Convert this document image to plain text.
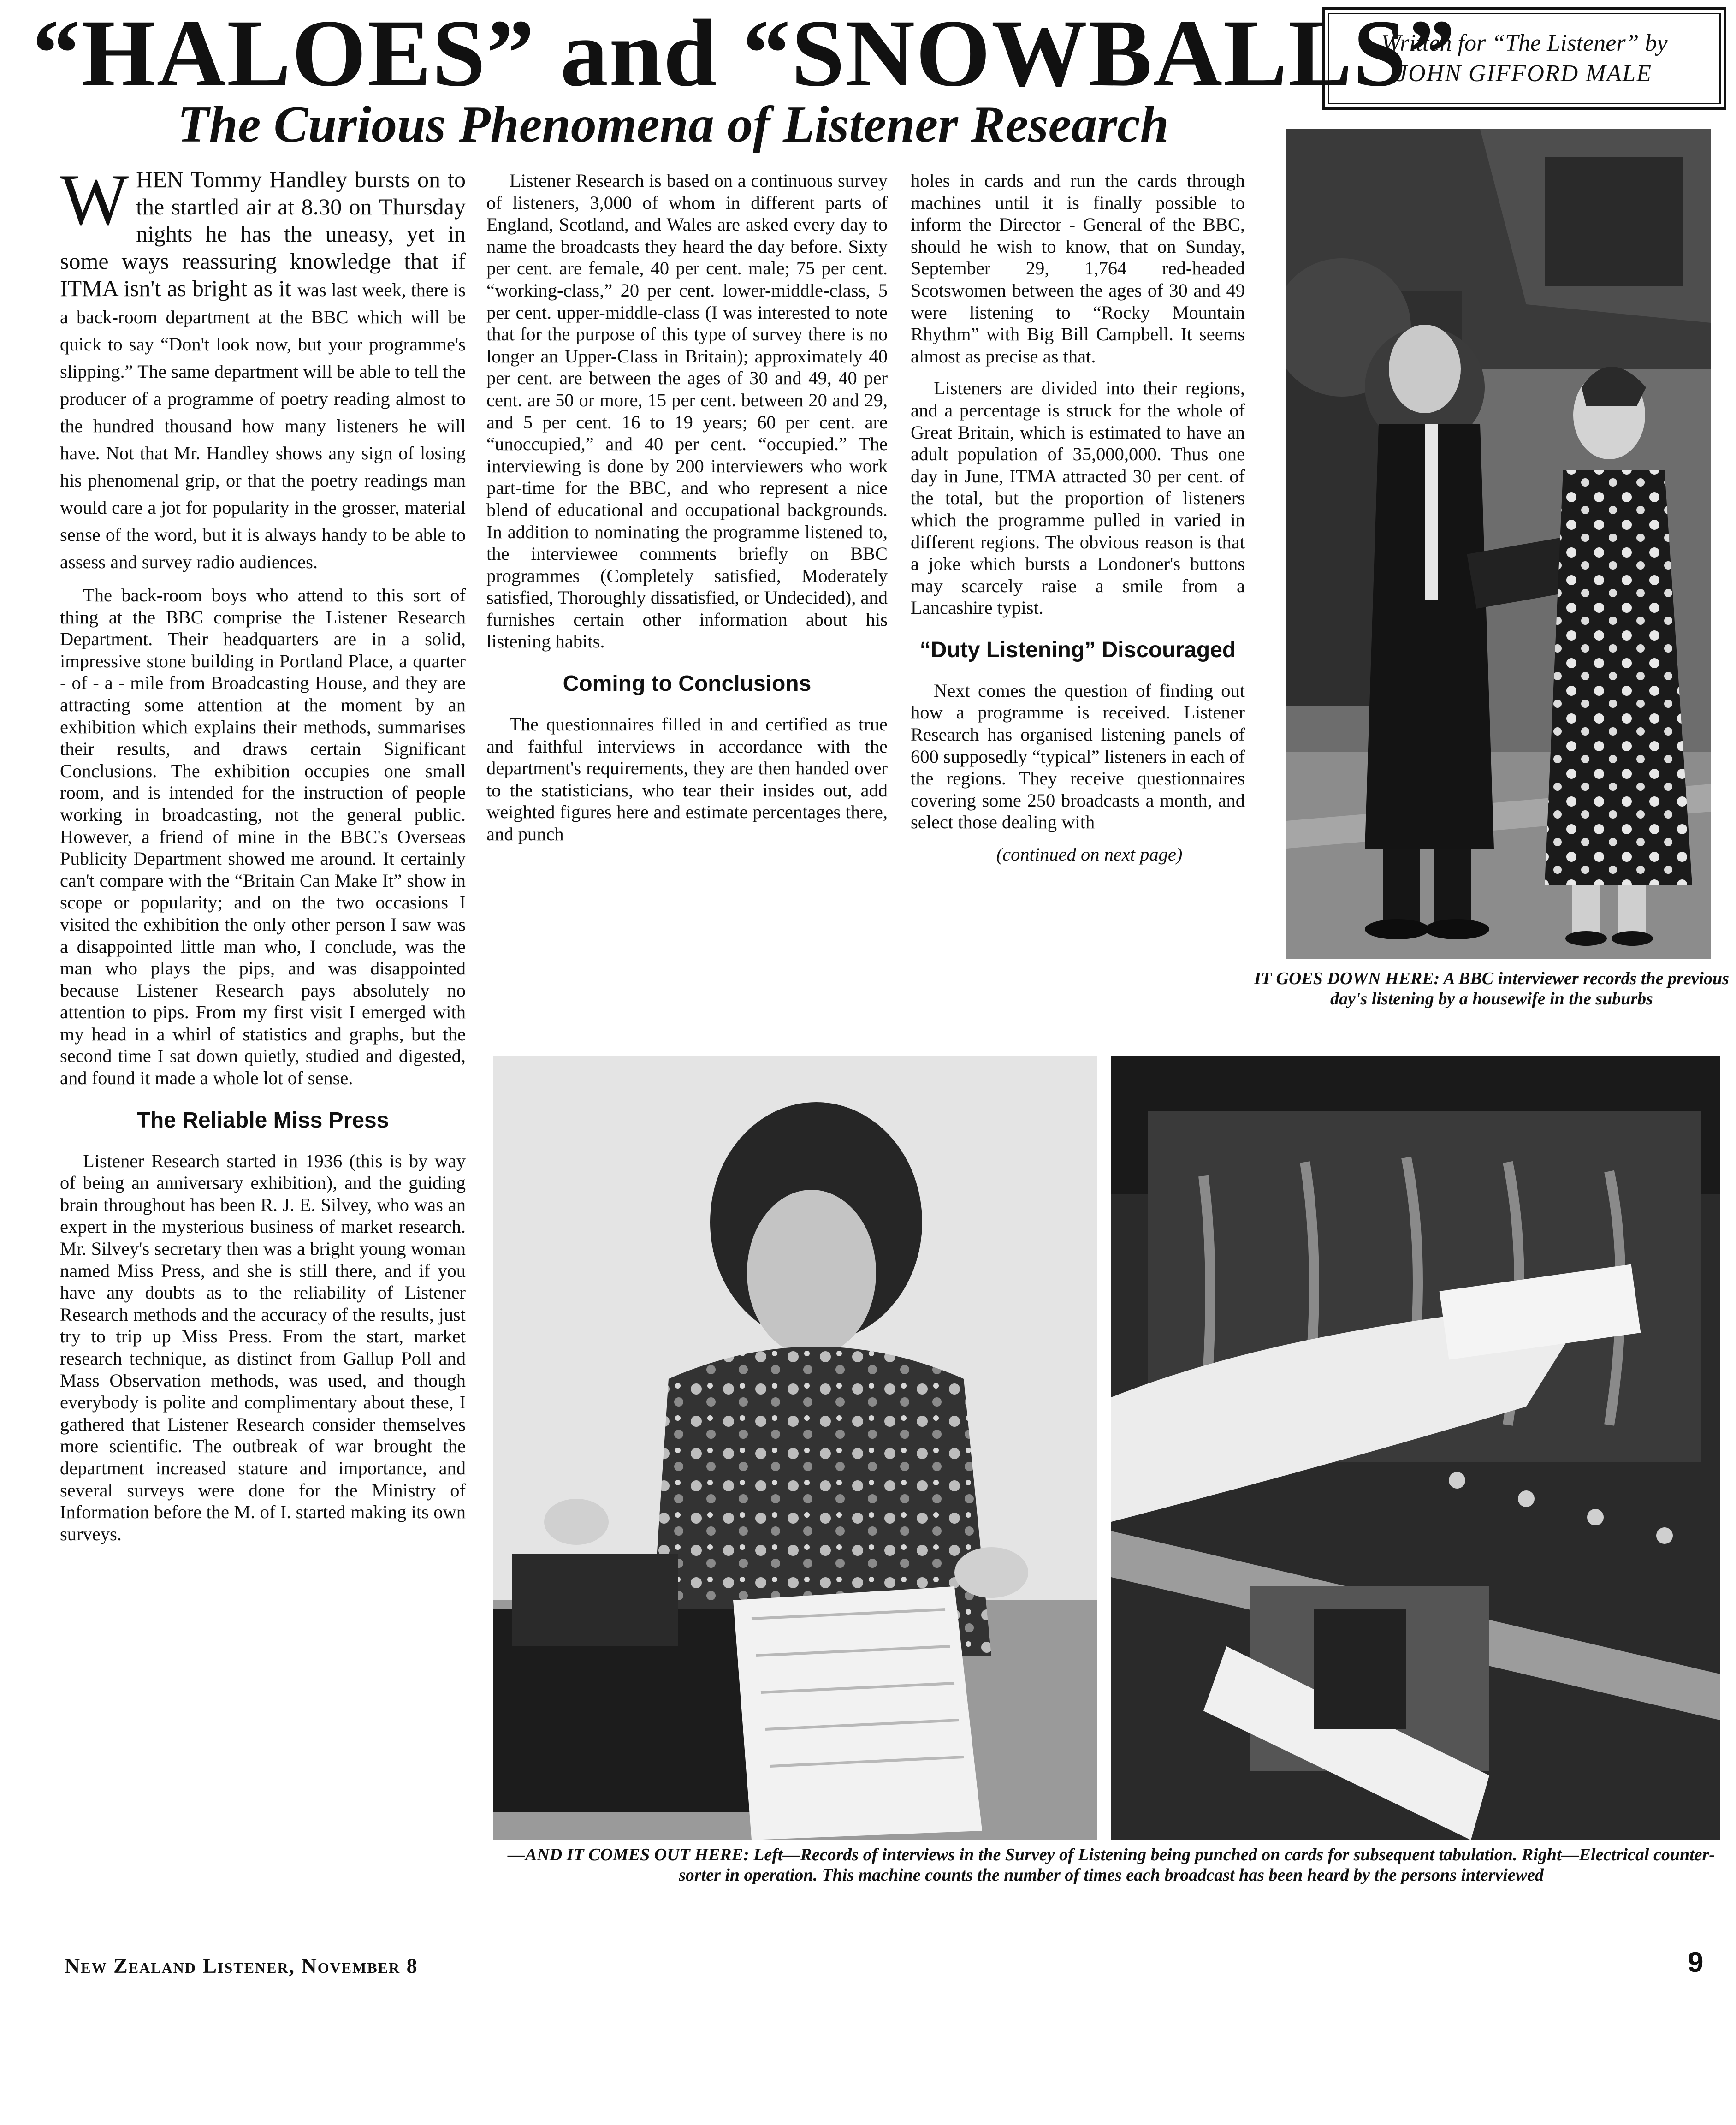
“HALOES” and “SNOWBALLS”
The Curious Phenomena of Listener Research
Written for “The Listener” by
JOHN GIFFORD MALE

WHEN Tommy Handley bursts on to the startled air at 8.30 on Thursday nights he has the uneasy, yet in some ways reassuring knowledge that if ITMA isn't as bright as it was last week, there is a back-room department at the BBC which will be quick to say “Don't look now, but your programme's slipping.” The same department will be able to tell the producer of a programme of poetry reading almost to the hundred thousand how many listeners he will have. Not that Mr. Handley shows any sign of losing his phenomenal grip, or that the poetry readings man would care a jot for popularity in the grosser, material sense of the word, but it is always handy to be able to assess and survey radio audiences.

The back-room boys who attend to this sort of thing at the BBC comprise the Listener Research Department. Their headquarters are in a solid, impressive stone building in Portland Place, a quarter - of - a - mile from Broadcasting House, and they are attracting some attention at the moment by an exhibition which explains their methods, summarises their results, and draws certain Significant Conclusions. The exhibition occupies one small room, and is intended for the instruction of people working in broadcasting, not the general public. However, a friend of mine in the BBC's Overseas Publicity Department showed me around. It certainly can't compare with the “Britain Can Make It” show in scope or popularity; and on the two occasions I visited the exhibition the only other person I saw was a disappointed little man who, I conclude, was the man who plays the pips, and was disappointed because Listener Research pays absolutely no attention to pips. From my first visit I emerged with my head in a whirl of statistics and graphs, but the second time I sat down quietly, studied and digested, and found it made a whole lot of sense.

The Reliable Miss Press

Listener Research started in 1936 (this is by way of being an anniversary exhibition), and the guiding brain throughout has been R. J. E. Silvey, who was an expert in the mysterious business of market research. Mr. Silvey's secretary then was a bright young woman named Miss Press, and she is still there, and if you have any doubts as to the reliability of Listener Research methods and the accuracy of the results, just try to trip up Miss Press. From the start, market research technique, as distinct from Gallup Poll and Mass Observation methods, was used, and though everybody is polite and complimentary about these, I gathered that Listener Research consider themselves more scientific. The outbreak of war brought the department increased stature and importance, and several surveys were done for the Ministry of Information before the M. of I. started making its own surveys.

Listener Research is based on a continuous survey of listeners, 3,000 of whom in different parts of England, Scotland, and Wales are asked every day to name the broadcasts they heard the day before. Sixty per cent. are female, 40 per cent. male; 75 per cent. “working-class,” 20 per cent. lower-middle-class, 5 per cent. upper-middle-class (I was interested to note that for the purpose of this type of survey there is no longer an Upper-Class in Britain); approximately 40 per cent. are between the ages of 30 and 49, 40 per cent. are 50 or more, 15 per cent. between 20 and 29, and 5 per cent. 16 to 19 years; 60 per cent. are “unoccupied,” and 40 per cent. “occupied.” The interviewing is done by 200 interviewers who work part-time for the BBC, and who represent a nice blend of educational and occupational backgrounds. In addition to nominating the programme listened to, the interviewee comments briefly on BBC programmes (Completely satisfied, Moderately satisfied, Thoroughly dissatisfied, or Undecided), and furnishes certain other information about his listening habits.

Coming to Conclusions

The questionnaires filled in and certified as true and faithful interviews in accordance with the department's requirements, they are then handed over to the statisticians, who tear their insides out, add weighted figures here and estimate percentages there, and punch

holes in cards and run the cards through machines until it is finally possible to inform the Director - General of the BBC, should he wish to know, that on Sunday, September 29, 1,764 red-headed Scotswomen between the ages of 30 and 49 were listening to “Rocky Mountain Rhythm” with Big Bill Campbell. It seems almost as precise as that.

Listeners are divided into their regions, and a percentage is struck for the whole of Great Britain, which is estimated to have an adult population of 35,000,000. Thus one day in June, ITMA attracted 30 per cent. of the total, but the proportion of listeners which the programme pulled in varied in different regions. The obvious reason is that a joke which bursts a Londoner's buttons may scarcely raise a smile from a Lancashire typist.

“Duty Listening” Discouraged

Next comes the question of finding out how a programme is received. Listener Research has organised listening panels of 600 supposedly “typical” listeners in each of the regions. They receive questionnaires covering some 250 broadcasts a month, and select those dealing with

(continued on next page)

IT GOES DOWN HERE: A BBC interviewer records the previous day's listening by a housewife in the suburbs
—AND IT COMES OUT HERE: Left—Records of interviews in the Survey of Listening being punched on cards for subsequent tabulation. Right—Electrical counter-sorter in operation. This machine counts the number of times each broadcast has been heard by the persons interviewed
New Zealand Listener, November 8	9
